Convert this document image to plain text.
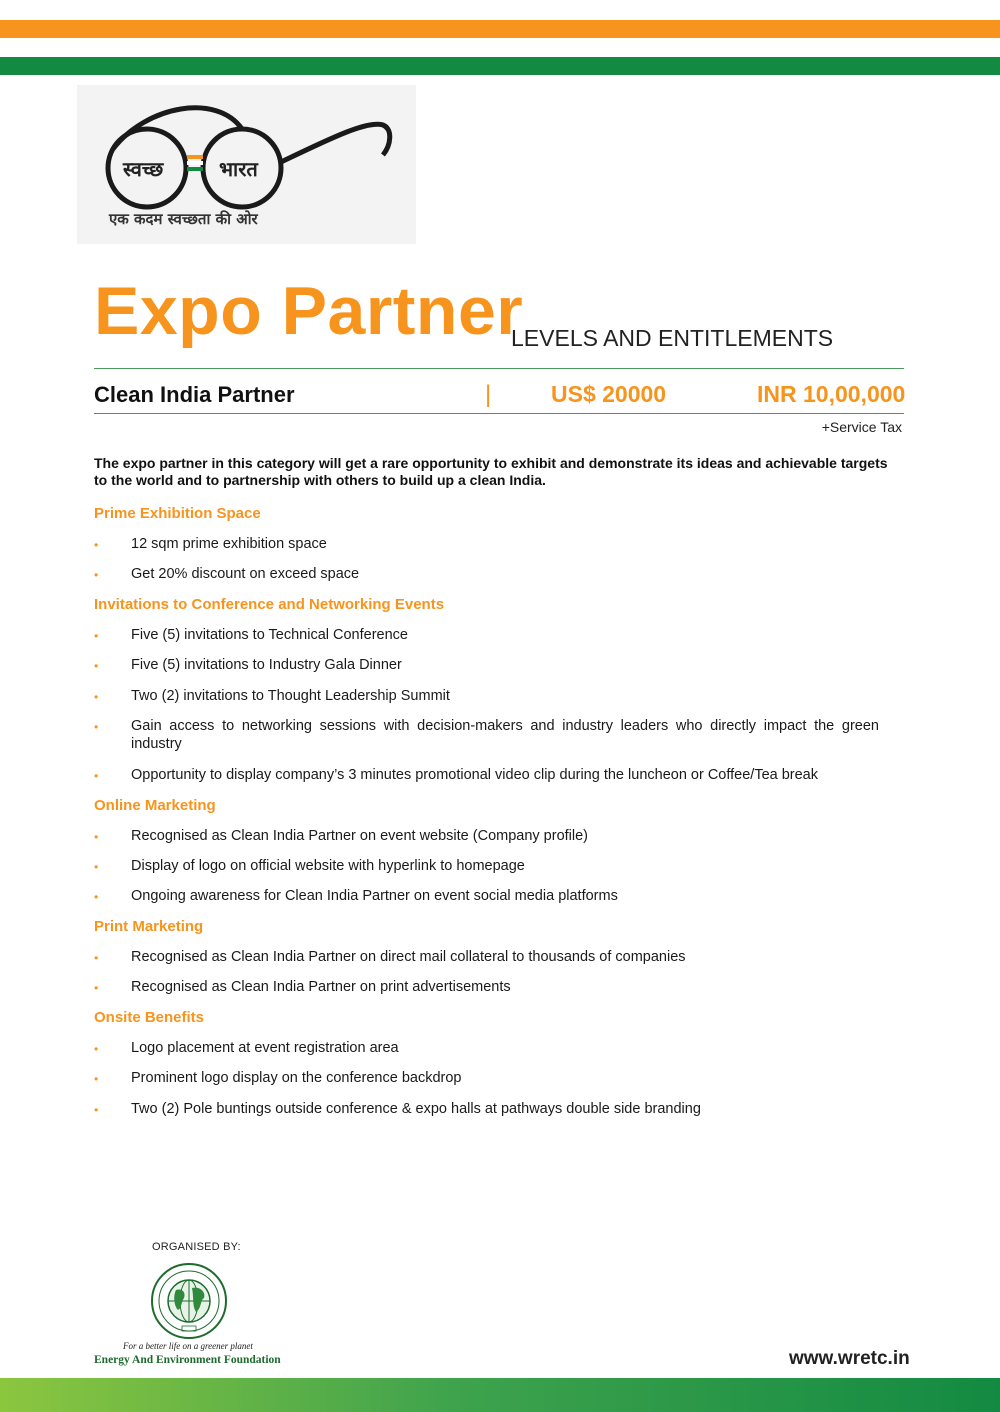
स्वच्छ	भारत
एक कदम स्वच्छता की ओर
Expo Partner
LEVELS AND ENTITLEMENTS
Clean India Partner	|	US$ 20000	INR 10,00,000
+Service Tax
The expo partner in this category will get a rare opportunity to exhibit and demonstrate its ideas and achievable targets to the world and to partnership with others to build up a clean India.
Prime Exhibition Space
• 12 sqm prime exhibition space
• Get 20% discount on exceed space
Invitations to Conference and Networking Events
• Five (5) invitations to Technical Conference
• Five (5) invitations to Industry Gala Dinner
• Two (2) invitations to Thought Leadership Summit
• Gain access to networking sessions with decision-makers and industry leaders who directly impact the green industry
• Opportunity to display company’s 3 minutes promotional video clip during the luncheon or Coffee/Tea break
Online Marketing
• Recognised as Clean India Partner on event website (Company profile)
• Display of logo on official website with hyperlink to homepage
• Ongoing awareness for Clean India Partner on event social media platforms
Print Marketing
• Recognised as Clean India Partner on direct mail collateral to thousands of companies
• Recognised as Clean India Partner on print advertisements
Onsite Benefits
• Logo placement at event registration area
• Prominent logo display on the conference backdrop
• Two (2) Pole buntings outside conference & expo halls at pathways double side branding
ORGANISED BY:
For a better life on a greener planet
Energy And Environment Foundation	www.wretc.in
